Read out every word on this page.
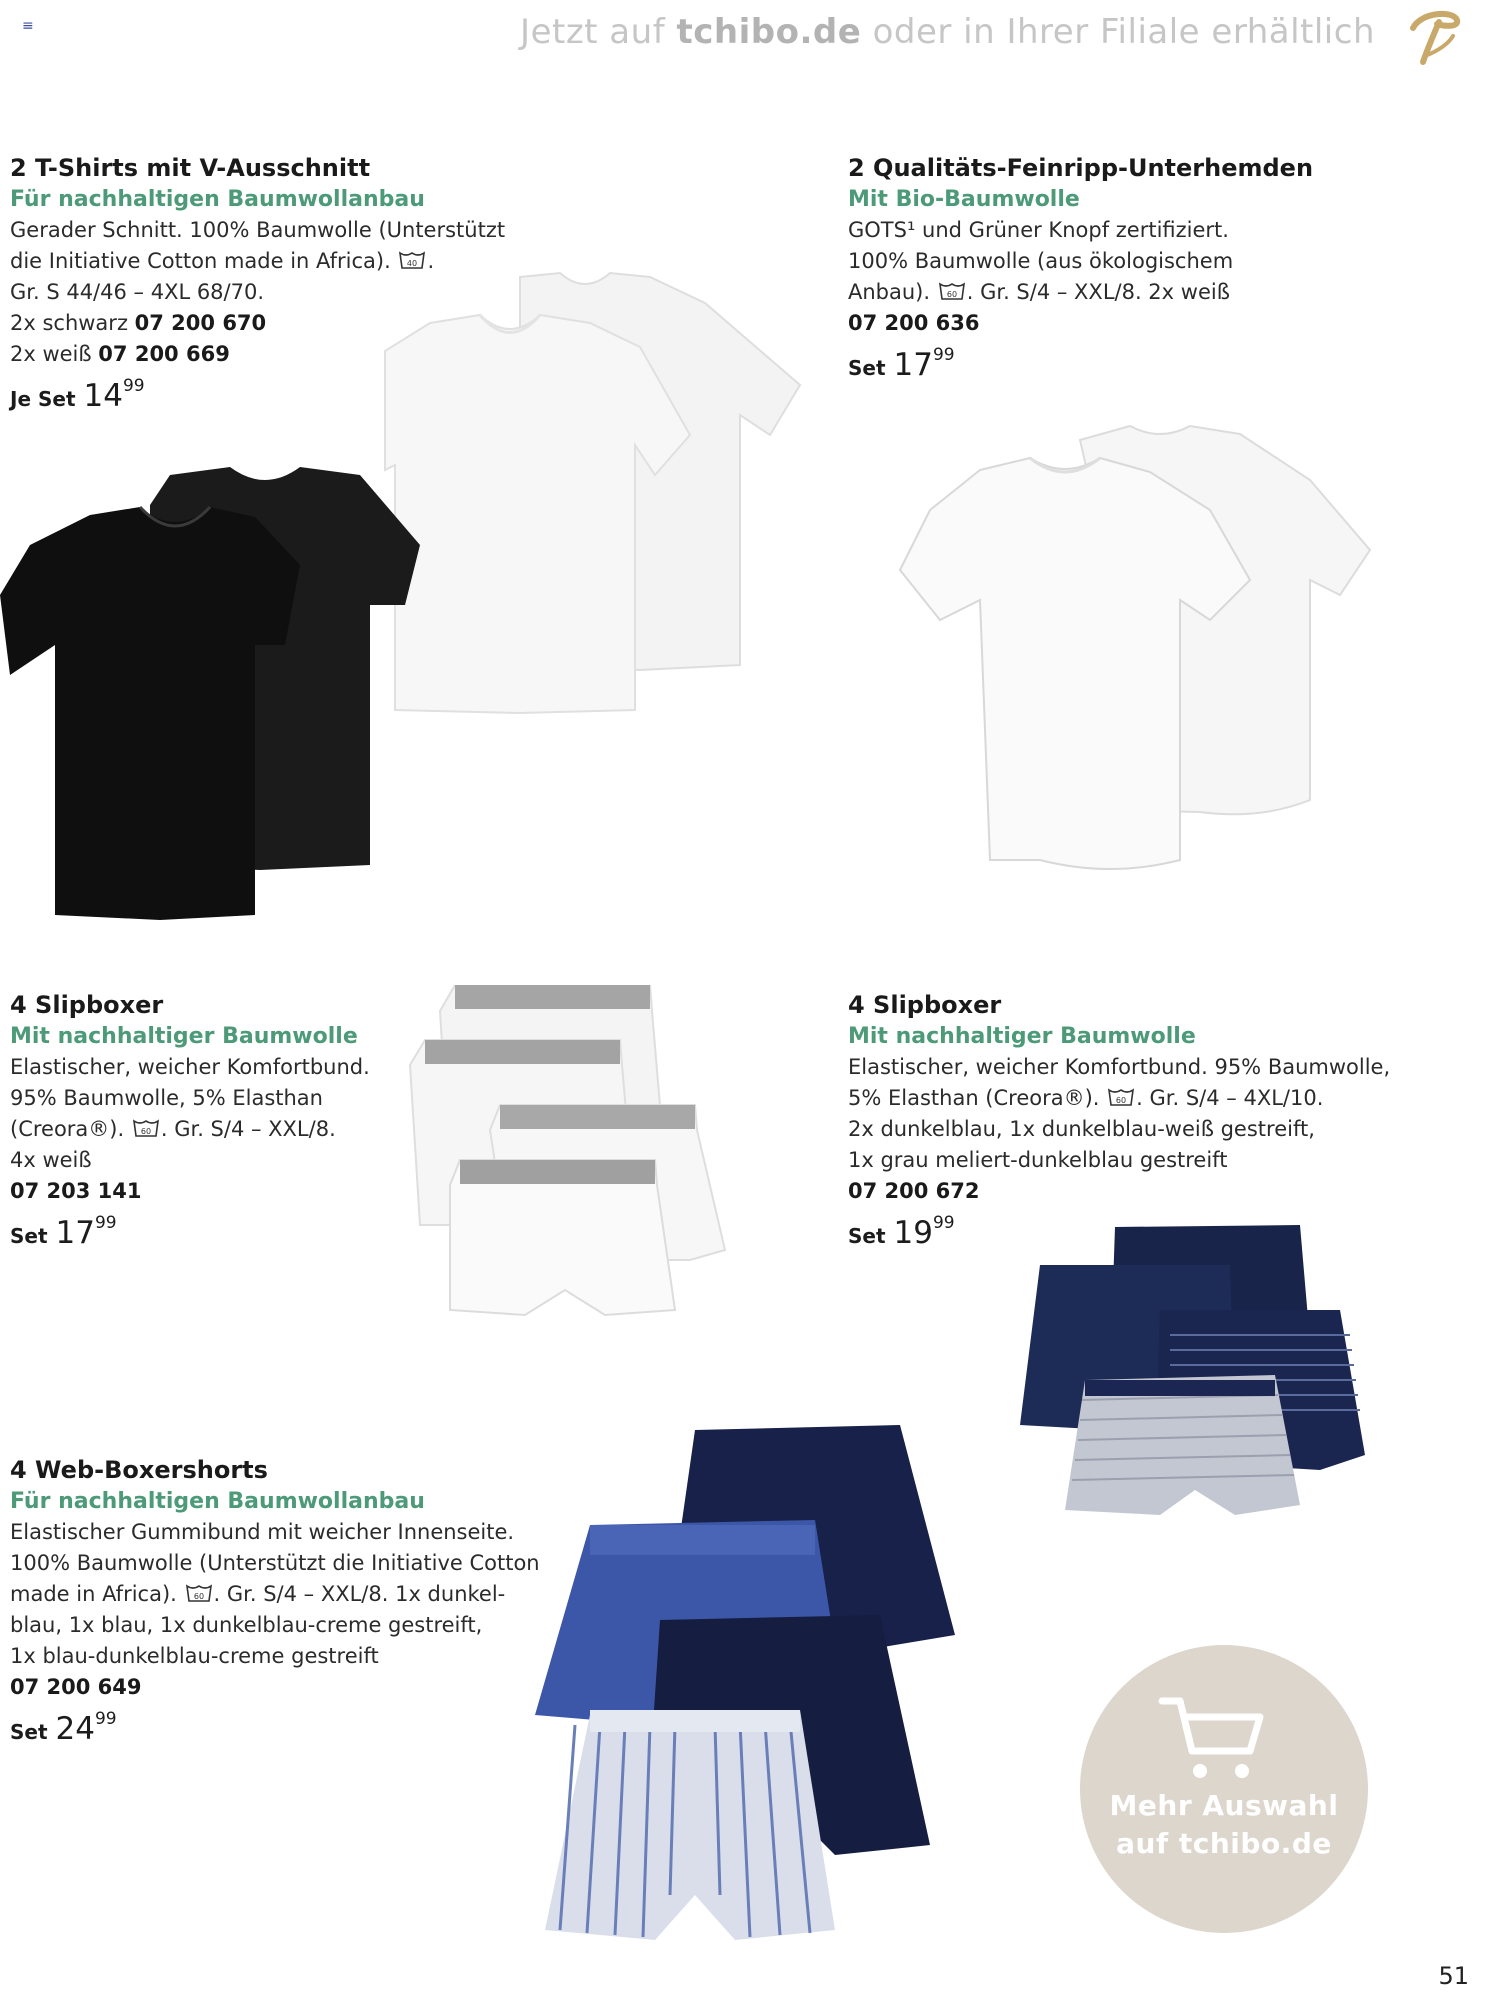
≡	Jetzt auf tchibo.de oder in Ihrer Filiale erhältlich
2 T-Shirts mit V-Ausschnitt
Für nachhaltigen Baumwollanbau
Gerader Schnitt. 100% Baumwolle (Unterstützt
die Initiative Cotton made in Africa). 40 .
Gr. S 44/46 – 4XL 68/70.
2x schwarz 07 200 670
2x weiß 07 200 669
Je Set $14^{99}$
2 Qualitäts-Feinripp-Unterhemden
Mit Bio-Baumwolle
GOTS¹ und Grüner Knopf zertifiziert.
100% Baumwolle (aus ökologischem
Anbau). 60 . Gr. S/4 – XXL/8. 2x weiß
07 200 636
Set $17^{99}$
4 Slipboxer
Mit nachhaltiger Baumwolle
Elastischer, weicher Komfortbund.
95% Baumwolle, 5% Elasthan
(Creora®). 60 . Gr. S/4 – XXL/8.
4x weiß
07 203 141
Set $17^{99}$
4 Slipboxer
Mit nachhaltiger Baumwolle
Elastischer, weicher Komfortbund. 95% Baumwolle,
5% Elasthan (Creora®). 60 . Gr. S/4 – 4XL/10.
2x dunkelblau, 1x dunkelblau-weiß gestreift,
1x grau meliert-dunkelblau gestreift
07 200 672
Set $19^{99}$
4 Web-Boxershorts
Für nachhaltigen Baumwollanbau
Elastischer Gummibund mit weicher Innenseite.
100% Baumwolle (Unterstützt die Initiative Cotton
made in Africa). 60 . Gr. S/4 – XXL/8. 1x dunkel-
blau, 1x blau, 1x dunkelblau-creme gestreift,
1x blau-dunkelblau-creme gestreift
07 200 649
Set $24^{99}$
Mehr Auswahl
auf tchibo.de
51
